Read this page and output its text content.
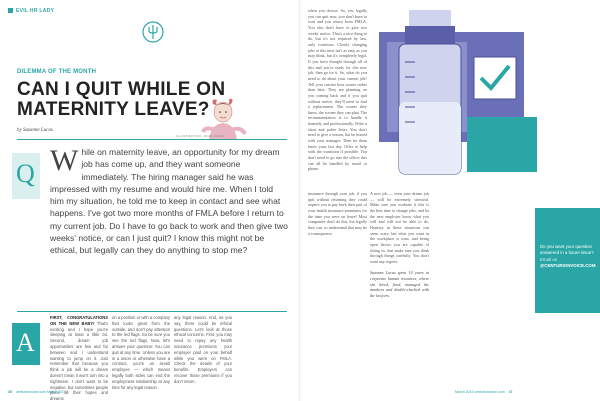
EVIL HR LADY
DILEMMA OF THE MONTH
CAN I QUIT WHILE ON MATERNITY LEAVE?
by Suzanne Lucas
ILLUSTRATION: JOHN ORAM
Q While on maternity leave, an opportunity for my dream job has come up, and they want someone immediately. The hiring manager said he was impressed with my resume and would hire me. When I told him my situation, he told me to keep in contact and see what happens. I've got two more months of FMLA before I return to my current job. Do I have to go back to work and then give two weeks' notice, or can I just quit? I know this might not be ethical, but legally can they do anything to stop me?
A
FIRST, CONGRATULATIONS ON THE NEW BABY! That's exciting and I hope you're sleeping at least a little bit. Second, dream job opportunities are few and far between and I understand wanting to jump on it. Just remember that because you think a job will be a dream doesn't mean it won't turn into a nightmare. I don't want to be negative, but sometimes people place all their hopes and dreams
on a position or with a company that looks great from the outside, and don't pay attention to the red flags. So be sure you see the red flags. Now, let's answer your question: You can quit at any time. Unless you are in a union or otherwise have a contract, you're an at-will employee — which means legally both sides can end the employment relationship at any time for any legal reason.
any legal reason. And, as you say, there could be ethical questions. Let's look at those ethical concerns. First, you may need to repay any health insurance premiums your employer paid on your behalf while you were on FMLA. Check the details of your benefits. Employers can recover those premiums if you don't return.
36 centurionvoice.com March 2019
when you choose. So, yes, legally you can quit now, you don't have to wait and you return from FMLA. You also don't have to give two weeks' notice. That's a nice thing to do, but it's not required by law, only courteous. Clearly changing jobs at this time isn't as easy as you may think, but it's completely legal. If you have thought through all of this and you're ready for this new job, then go for it. So, what do you need to do about your current job? Tell your current boss sooner rather than later. They are planning on you coming back and if you quit without notice, they'll need to find a replacement. The sooner they know, the sooner they can plan. The recommendation is to handle it honestly and professionally. Write a short and polite letter. You don't need to give a reason, but be honest with your manager. Then let them know your last day. Offer to help with the transition if possible. You don't need to go into the office; this can all be handled by email or phone.
insurance through your job, if you quit without returning they could require you to pay back their part of your health insurance premiums for the time you were on leave! Most companies don't do this, but legally they can, so understand that may be a consequence.
A new job — even your dream job — will be extremely stressful. Make sure you evaluate if this is the best time to change jobs, and let the new employer know what you will and will not be able to do. Honesty in these situations can seem scary, but what you want in the workplace is trust, and being open shows you are capable of fitting in. Just make sure you think through things carefully. You don't want any regrets.

Suzanne Lucas spent 10 years in corporate human resources, where she hired, fired, managed the numbers and double-checked with the lawyers.
Do you want your question answered in a future issue?
Email us
@CENTURIONVOICE.COM
March 2019 centurionvoice.com 37
